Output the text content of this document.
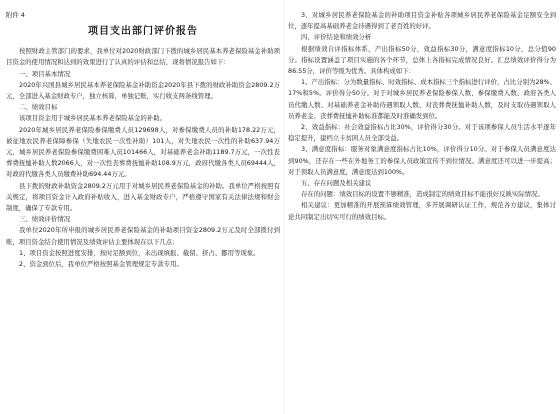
附件 4

项目支出部门评价报告

按照财政主管部门的要求，我单位对2020财政部门下拨的城乡居民基本养老保险基金补助项目资金的使用情况和达到的效果进行了认真的评估和总结，现将情况报告如下：

一、项目基本情况

2020年兴国县城乡居民基本养老保险基金补助资金2020年县下拨的财政补助资金2809.2万元，全部进入基金财政专户，独立核算，单独记账，实行收支两条线管理。

二、绩效目标

该项目资金用于城乡居民基本养老保险基金的补助。

2020年城乡居民养老保险参保缴费人员129698人，对参保缴费人员的补助178.22万元，被征地农民养老保障参保（失地农民一次性补助）101人，对失地农民一次性的补助637.94万元，城乡居民养老保险参保缴费困难人员101466人，对基础养老金补助1189.7万元，一次性丧葬费抚恤补助人数2066人，对一次性丧葬费抚恤补助108.9万元，政府代缴各类人员69444人，对政府代缴各类人员缴费补助694.44万元。

县下拨的财政补助资金2809.2万元用于对城乡居民养老保险基金的补助。我单位严格按照有关规定，将项目资金计入政府补贴收入，进入基金财政专户，严格遵守国家有关法律法规和财会制度，确保了专款专用。

三、绩效评价情况

我单位2020年所申报的城乡居民养老保险基金的补助项目资金2809.2万元及时全部拨付到账，项目资金结合使用情况及绩效评估主要体现在以下几点：

1、项目资金按照进度安排，按时足额到位，未出现填报、截留、挤占、挪用等现象。

2、资金到位后，我单位严格按照基金管理规定专款专用。

3、对城乡居民养老保险基金的补助项目资金补贴各项城乡居民养老保险基金足额安全到位，逐年提高基础养老金待遇得到了老百姓的好评。

四、评价结论和绩效分析

根据绩效自评指标体系，产出指标50分，效益指标30分，满意度指标10分，总分值90分。指标设置涵盖了项目实施的各个环节，总体上各指标完成情况良好。汇总绩效评价得分为86.55分，评价等级为优秀。具体构成如下：

1、产出指标：分为数量指标、时效指标、成本指标三个指标进行评价，占比分别为28%、17%和5%。评价得分50分。对于对城乡居民养老保险参保人数、参保缴费人数、政府各类人员代缴人数、对基础养老金补助待遇领取人数、对丧葬费抚恤补助人数，及时支取待遇领取人员养老金、丧葬费抚恤补助标准都能及时准确发到位。

2、效益指标：社会效益指标占比30%，评价得分30分。对于该项参保人员生活水平逐年稳定提升，建档立卡贫困人员全部受益。

3、满意度指标：服务对象满意度指标占比10%，评价得分10分。对于参保人员满意度达到90%，还存在一些在外地务工的参保人员政策宣传不到位情况。满意度还可以进一步提高；对于领取人员满意度，满意度达到100%。

五、存在问题及相关建议

存在的问题：绩效目标的设置不够精准，造成制定的绩效目标不能很好反映实际情况。

相关建议：更加精准的开展预算绩效管理，多开展调研认证工作，规范各方建议，集体讨论共同制定出切实可行的绩效目标。
